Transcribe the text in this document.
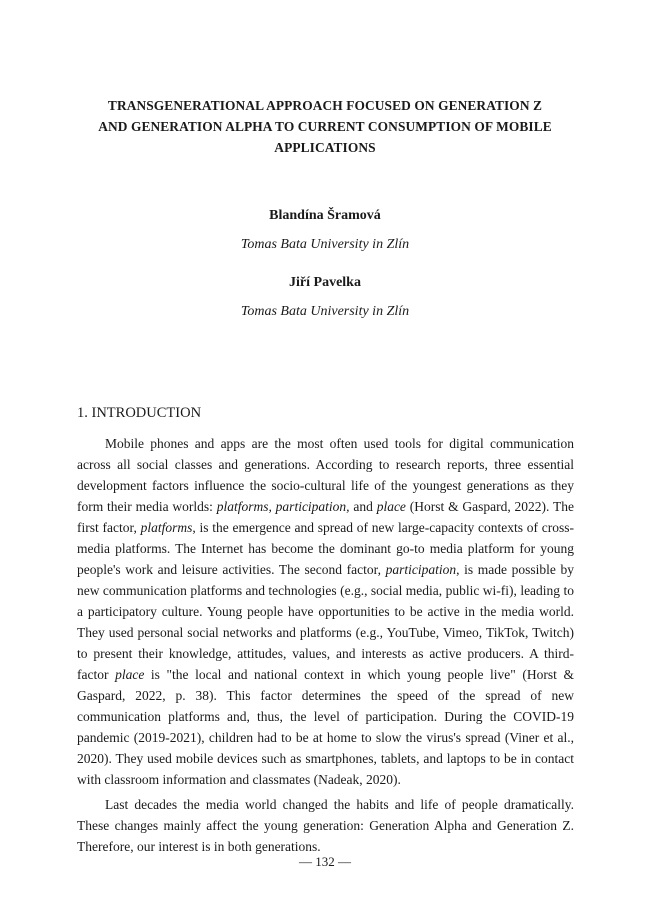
TRANSGENERATIONAL APPROACH FOCUSED ON GENERATION Z
AND GENERATION ALPHA TO CURRENT CONSUMPTION OF MOBILE
APPLICATIONS
Blandína Šramová
Tomas Bata University in Zlín
Jiří Pavelka
Tomas Bata University in Zlín
1. INTRODUCTION

Mobile phones and apps are the most often used tools for digital communication across all social classes and generations. According to research reports, three essential development factors influence the socio-cultural life of the youngest generations as they form their media worlds: platforms, participation, and place (Horst & Gaspard, 2022). The first factor, platforms, is the emergence and spread of new large-capacity contexts of cross-media platforms. The Internet has become the dominant go-to media platform for young people's work and leisure activities. The second factor, participation, is made possible by new communication platforms and technologies (e.g., social media, public wi-fi), leading to a participatory culture. Young people have opportunities to be active in the media world. They used personal social networks and platforms (e.g., YouTube, Vimeo, TikTok, Twitch) to present their knowledge, attitudes, values, and interests as active producers. A third-factor place is "the local and national context in which young people live" (Horst & Gaspard, 2022, p. 38). This factor determines the speed of the spread of new communication platforms and, thus, the level of participation. During the COVID-19 pandemic (2019-2021), children had to be at home to slow the virus's spread (Viner et al., 2020). They used mobile devices such as smartphones, tablets, and laptops to be in contact with classroom information and classmates (Nadeak, 2020).

Last decades the media world changed the habits and life of people dramatically. These changes mainly affect the young generation: Generation Alpha and Generation Z. Therefore, our interest is in both generations.

— 132 —
